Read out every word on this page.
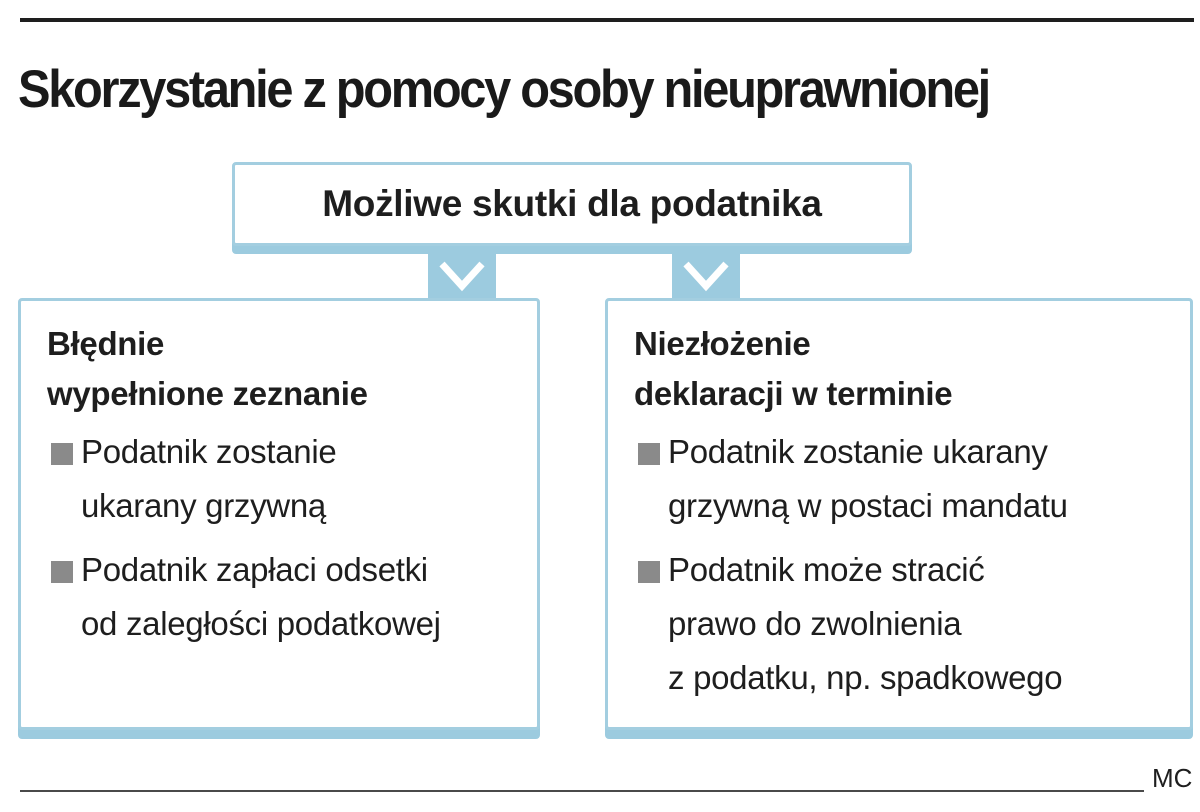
Skorzystanie z pomocy osoby nieuprawnionej
Możliwe skutki dla podatnika
Błędnie
wypełnione zeznanie
Podatnik zostanie
ukarany grzywną
Podatnik zapłaci odsetki
od zaległości podatkowej
Niezłożenie
deklaracji w terminie
Podatnik zostanie ukarany
grzywną w postaci mandatu
Podatnik może stracić
prawo do zwolnienia
z podatku, np. spadkowego
MC
